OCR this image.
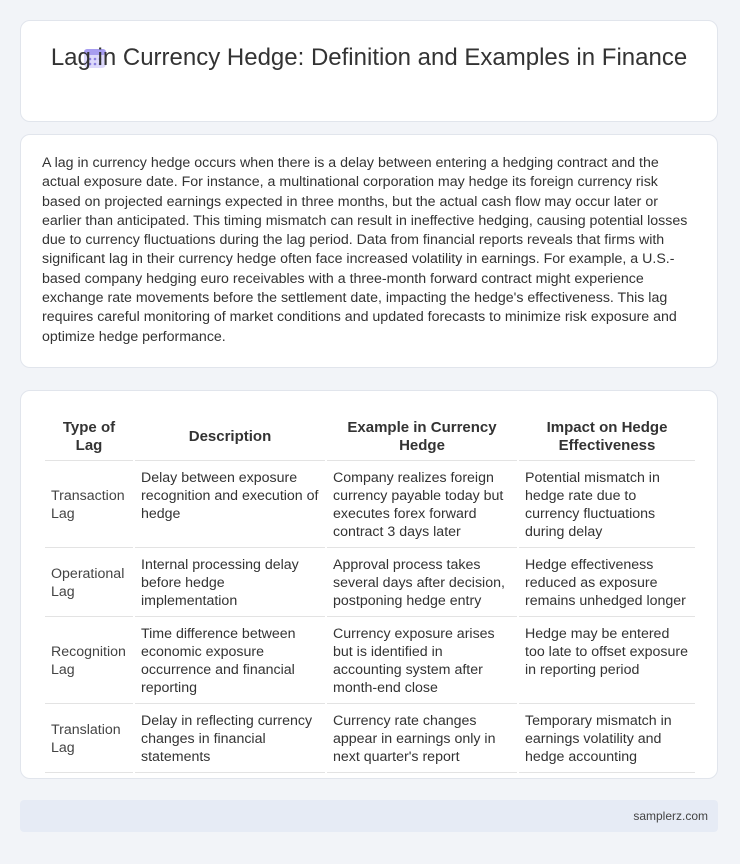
Lag in Currency Hedge: Definition and Examples in Finance
A lag in currency hedge occurs when there is a delay between entering a hedging contract and the actual exposure date. For instance, a multinational corporation may hedge its foreign currency risk based on projected earnings expected in three months, but the actual cash flow may occur later or earlier than anticipated. This timing mismatch can result in ineffective hedging, causing potential losses due to currency fluctuations during the lag period. Data from financial reports reveals that firms with significant lag in their currency hedge often face increased volatility in earnings. For example, a U.S.-based company hedging euro receivables with a three-month forward contract might experience exchange rate movements before the settlement date, impacting the hedge's effectiveness. This lag requires careful monitoring of market conditions and updated forecasts to minimize risk exposure and optimize hedge performance.
Type of Lag	Description	Example in Currency Hedge	Impact on Hedge Effectiveness
Transaction Lag	Delay between exposure recognition and execution of hedge	Company realizes foreign currency payable today but executes forex forward contract 3 days later	Potential mismatch in hedge rate due to currency fluctuations during delay
Operational Lag	Internal processing delay before hedge implementation	Approval process takes several days after decision, postponing hedge entry	Hedge effectiveness reduced as exposure remains unhedged longer
Recognition Lag	Time difference between economic exposure occurrence and financial reporting	Currency exposure arises but is identified in accounting system after month-end close	Hedge may be entered too late to offset exposure in reporting period
Translation Lag	Delay in reflecting currency changes in financial statements	Currency rate changes appear in earnings only in next quarter's report	Temporary mismatch in earnings volatility and hedge accounting
samplerz.com
